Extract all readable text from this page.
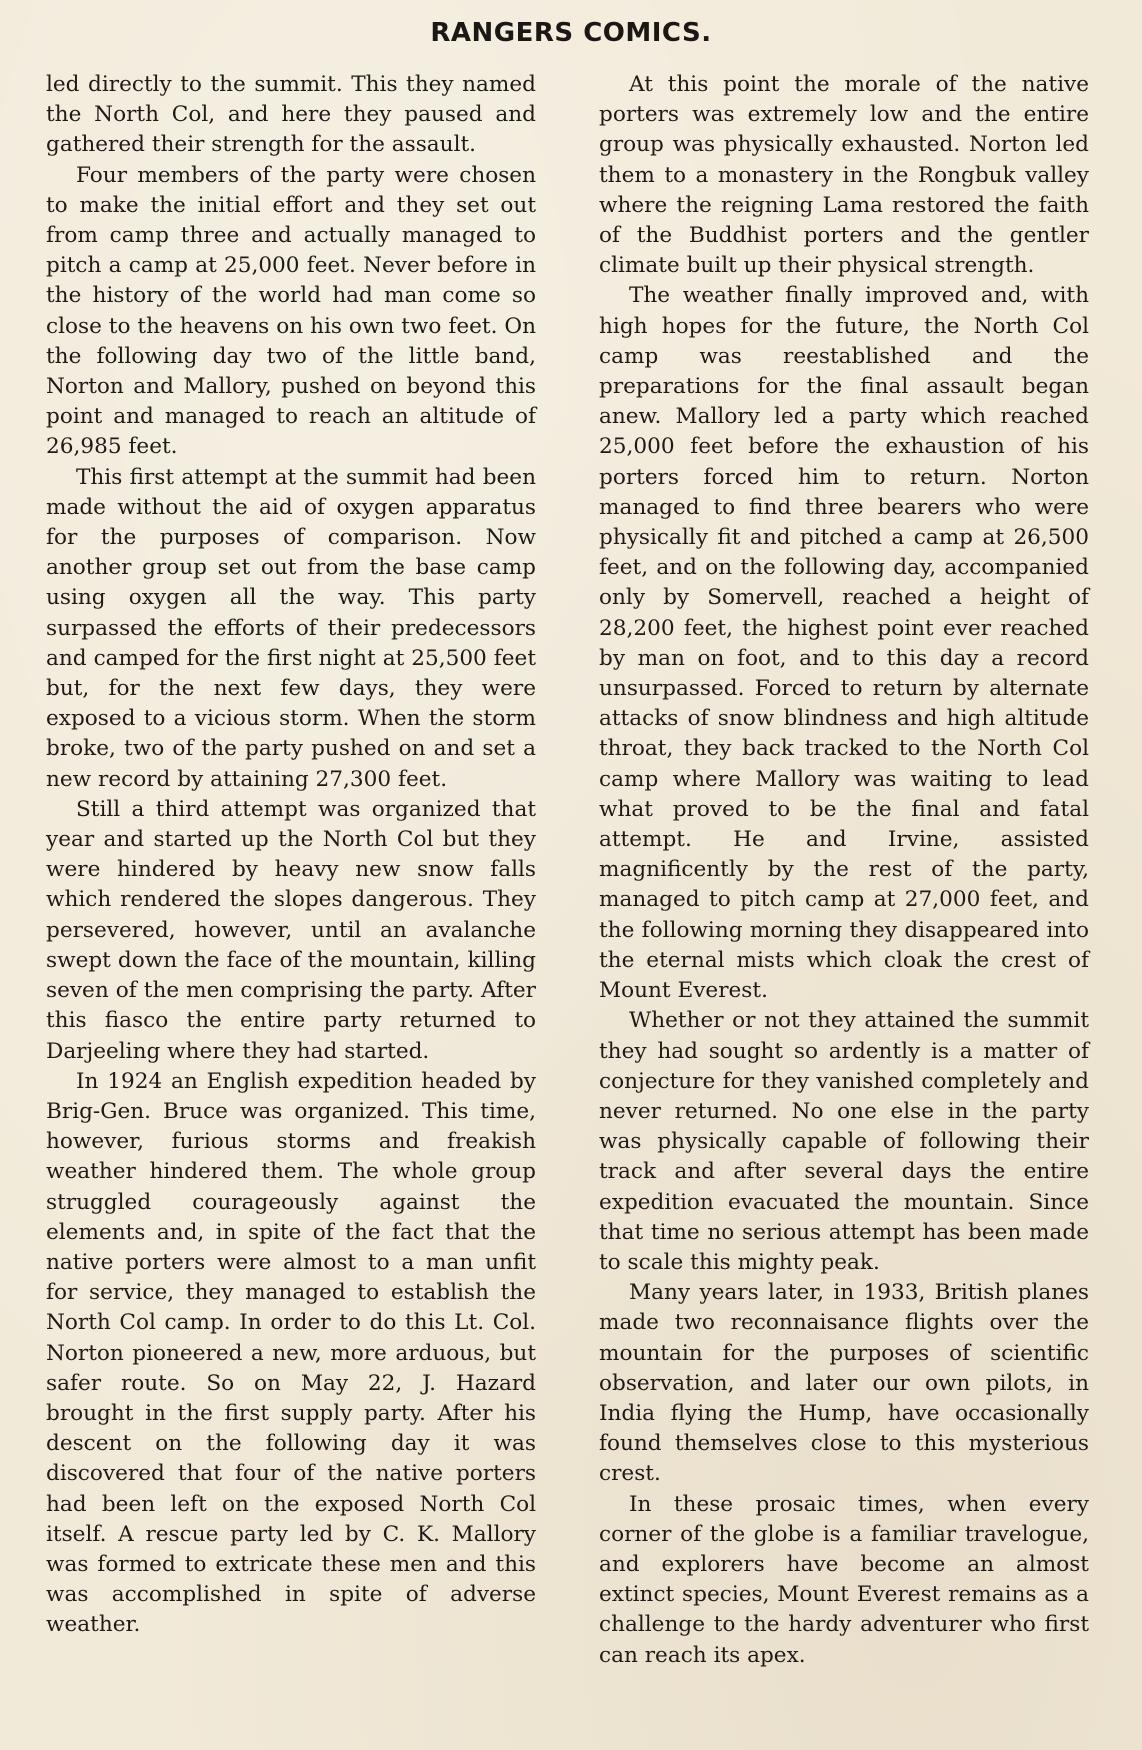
RANGERS COMICS.

led directly to the summit. This they named the North Col, and here they paused and gathered their strength for the assault.

Four members of the party were chosen to make the initial effort and they set out from camp three and actually managed to pitch a camp at 25,000 feet. Never before in the history of the world had man come so close to the heavens on his own two feet. On the following day two of the little band, Norton and Mallory, pushed on beyond this point and managed to reach an altitude of 26,985 feet.

This first attempt at the summit had been made without the aid of oxygen apparatus for the purposes of comparison. Now another group set out from the base camp using oxygen all the way. This party surpassed the efforts of their predecessors and camped for the first night at 25,500 feet but, for the next few days, they were exposed to a vicious storm. When the storm broke, two of the party pushed on and set a new record by attaining 27,300 feet.

Still a third attempt was organized that year and started up the North Col but they were hindered by heavy new snow falls which rendered the slopes dangerous. They persevered, however, until an avalanche swept down the face of the mountain, killing seven of the men comprising the party. After this fiasco the entire party returned to Darjeeling where they had started.

In 1924 an English expedition headed by Brig-Gen. Bruce was organized. This time, however, furious storms and freakish weather hindered them. The whole group struggled courageously against the elements and, in spite of the fact that the native porters were almost to a man unfit for service, they managed to establish the North Col camp. In order to do this Lt. Col. Norton pioneered a new, more arduous, but safer route. So on May 22, J. Hazard brought in the first supply party. After his descent on the following day it was discovered that four of the native porters had been left on the exposed North Col itself. A rescue party led by C. K. Mallory was formed to extricate these men and this was accomplished in spite of adverse weather.

At this point the morale of the native porters was extremely low and the entire group was physically exhausted. Norton led them to a monastery in the Rongbuk valley where the reigning Lama restored the faith of the Buddhist porters and the gentler climate built up their physical strength.

The weather finally improved and, with high hopes for the future, the North Col camp was reestablished and the preparations for the final assault began anew. Mallory led a party which reached 25,000 feet before the exhaustion of his porters forced him to return. Norton managed to find three bearers who were physically fit and pitched a camp at 26,500 feet, and on the following day, accompanied only by Somervell, reached a height of 28,200 feet, the highest point ever reached by man on foot, and to this day a record unsurpassed. Forced to return by alternate attacks of snow blindness and high altitude throat, they back tracked to the North Col camp where Mallory was waiting to lead what proved to be the final and fatal attempt. He and Irvine, assisted magnificently by the rest of the party, managed to pitch camp at 27,000 feet, and the following morning they disappeared into the eternal mists which cloak the crest of Mount Everest.

Whether or not they attained the summit they had sought so ardently is a matter of conjecture for they vanished completely and never returned. No one else in the party was physically capable of following their track and after several days the entire expedition evacuated the mountain. Since that time no serious attempt has been made to scale this mighty peak.

Many years later, in 1933, British planes made two reconnaisance flights over the mountain for the purposes of scientific observation, and later our own pilots, in India flying the Hump, have occasionally found themselves close to this mysterious crest.

In these prosaic times, when every corner of the globe is a familiar travelogue, and explorers have become an almost extinct species, Mount Everest remains as a challenge to the hardy adventurer who first can reach its apex.
